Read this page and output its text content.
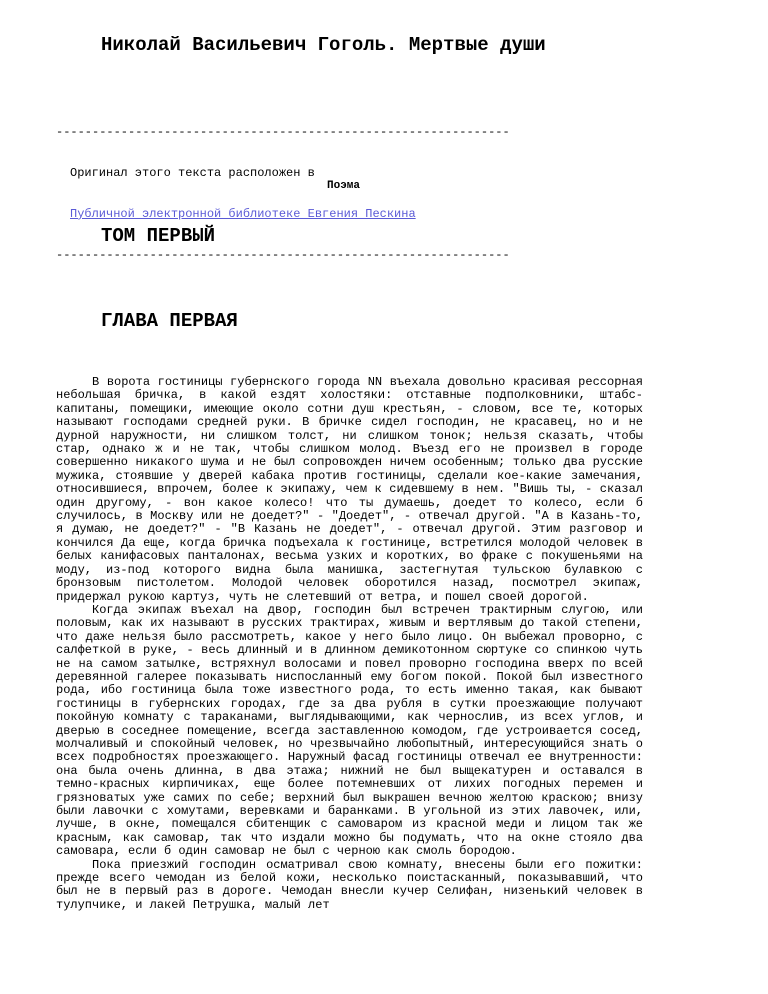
Николай Васильевич Гоголь. Мертвые души

---------------------------------------------------------------

Оригинал этого текста расположен в

Публичной электронной библиотеке Евгения Пескина

---------------------------------------------------------------

Поэма
ТОМ ПЕРВЫЙ
ГЛАВА ПЕРВАЯ

В ворота гостиницы губернского города NN въехала довольно красивая рессорная небольшая бричка, в какой ездят холостяки: отставные подполковники, штабс-капитаны, помещики, имеющие около сотни душ крестьян, - словом, все те, которых называют господами средней руки. В бричке сидел господин, не красавец, но и не дурной наружности, ни слишком толст, ни слишком тонок; нельзя сказать, чтобы стар, однако ж и не так, чтобы слишком молод. Въезд его не произвел в городе совершенно никакого шума и не был сопровожден ничем особенным; только два русские мужика, стоявшие у дверей кабака против гостиницы, сделали кое-какие замечания, относившиеся, впрочем, более к экипажу, чем к сидевшему в нем. "Вишь ты, - сказал один другому, - вон какое колесо! что ты думаешь, доедет то колесо, если б случилось, в Москву или не доедет?" - "Доедет", - отвечал другой. "А в Казань-то, я думаю, не доедет?" - "В Казань не доедет", - отвечал другой. Этим разговор и кончился Да еще, когда бричка подъехала к гостинице, встретился молодой человек в белых канифасовых панталонах, весьма узких и коротких, во фраке с покушеньями на моду, из-под которого видна была манишка, застегнутая тульскою булавкою с бронзовым пистолетом. Молодой человек оборотился назад, посмотрел экипаж, придержал рукою картуз, чуть не слетевший от ветра, и пошел своей дорогой.

Когда экипаж въехал на двор, господин был встречен трактирным слугою, или половым, как их называют в русских трактирах, живым и вертлявым до такой степени, что даже нельзя было рассмотреть, какое у него было лицо. Он выбежал проворно, с салфеткой в руке, - весь длинный и в длинном демикотонном сюртуке со спинкою чуть не на самом затылке, встряхнул волосами и повел проворно господина вверх по всей деревянной галерее показывать ниспосланный ему богом покой. Покой был известного рода, ибо гостиница была тоже известного рода, то есть именно такая, как бывают гостиницы в губернских городах, где за два рубля в сутки проезжающие получают покойную комнату с тараканами, выглядывающими, как чернослив, из всех углов, и дверью в соседнее помещение, всегда заставленною комодом, где устроивается сосед, молчаливый и спокойный человек, но чрезвычайно любопытный, интересующийся знать о всех подробностях проезжающего. Наружный фасад гостиницы отвечал ее внутренности: она была очень длинна, в два этажа; нижний не был выщекатурен и оставался в темно-красных кирпичиках, еще более потемневших от лихих погодных перемен и грязноватых уже самих по себе; верхний был выкрашен вечною желтою краскою; внизу были лавочки с хомутами, веревками и баранками. В угольной из этих лавочек, или, лучше, в окне, помещался сбитенщик с самоваром из красной меди и лицом так же красным, как самовар, так что издали можно бы подумать, что на окне стояло два самовара, если б один самовар не был с черною как смоль бородою.

Пока приезжий господин осматривал свою комнату, внесены были его пожитки: прежде всего чемодан из белой кожи, несколько поистасканный, показывавший, что был не в первый раз в дороге. Чемодан внесли кучер Селифан, низенький человек в тулупчике, и лакей Петрушка, малый лет
